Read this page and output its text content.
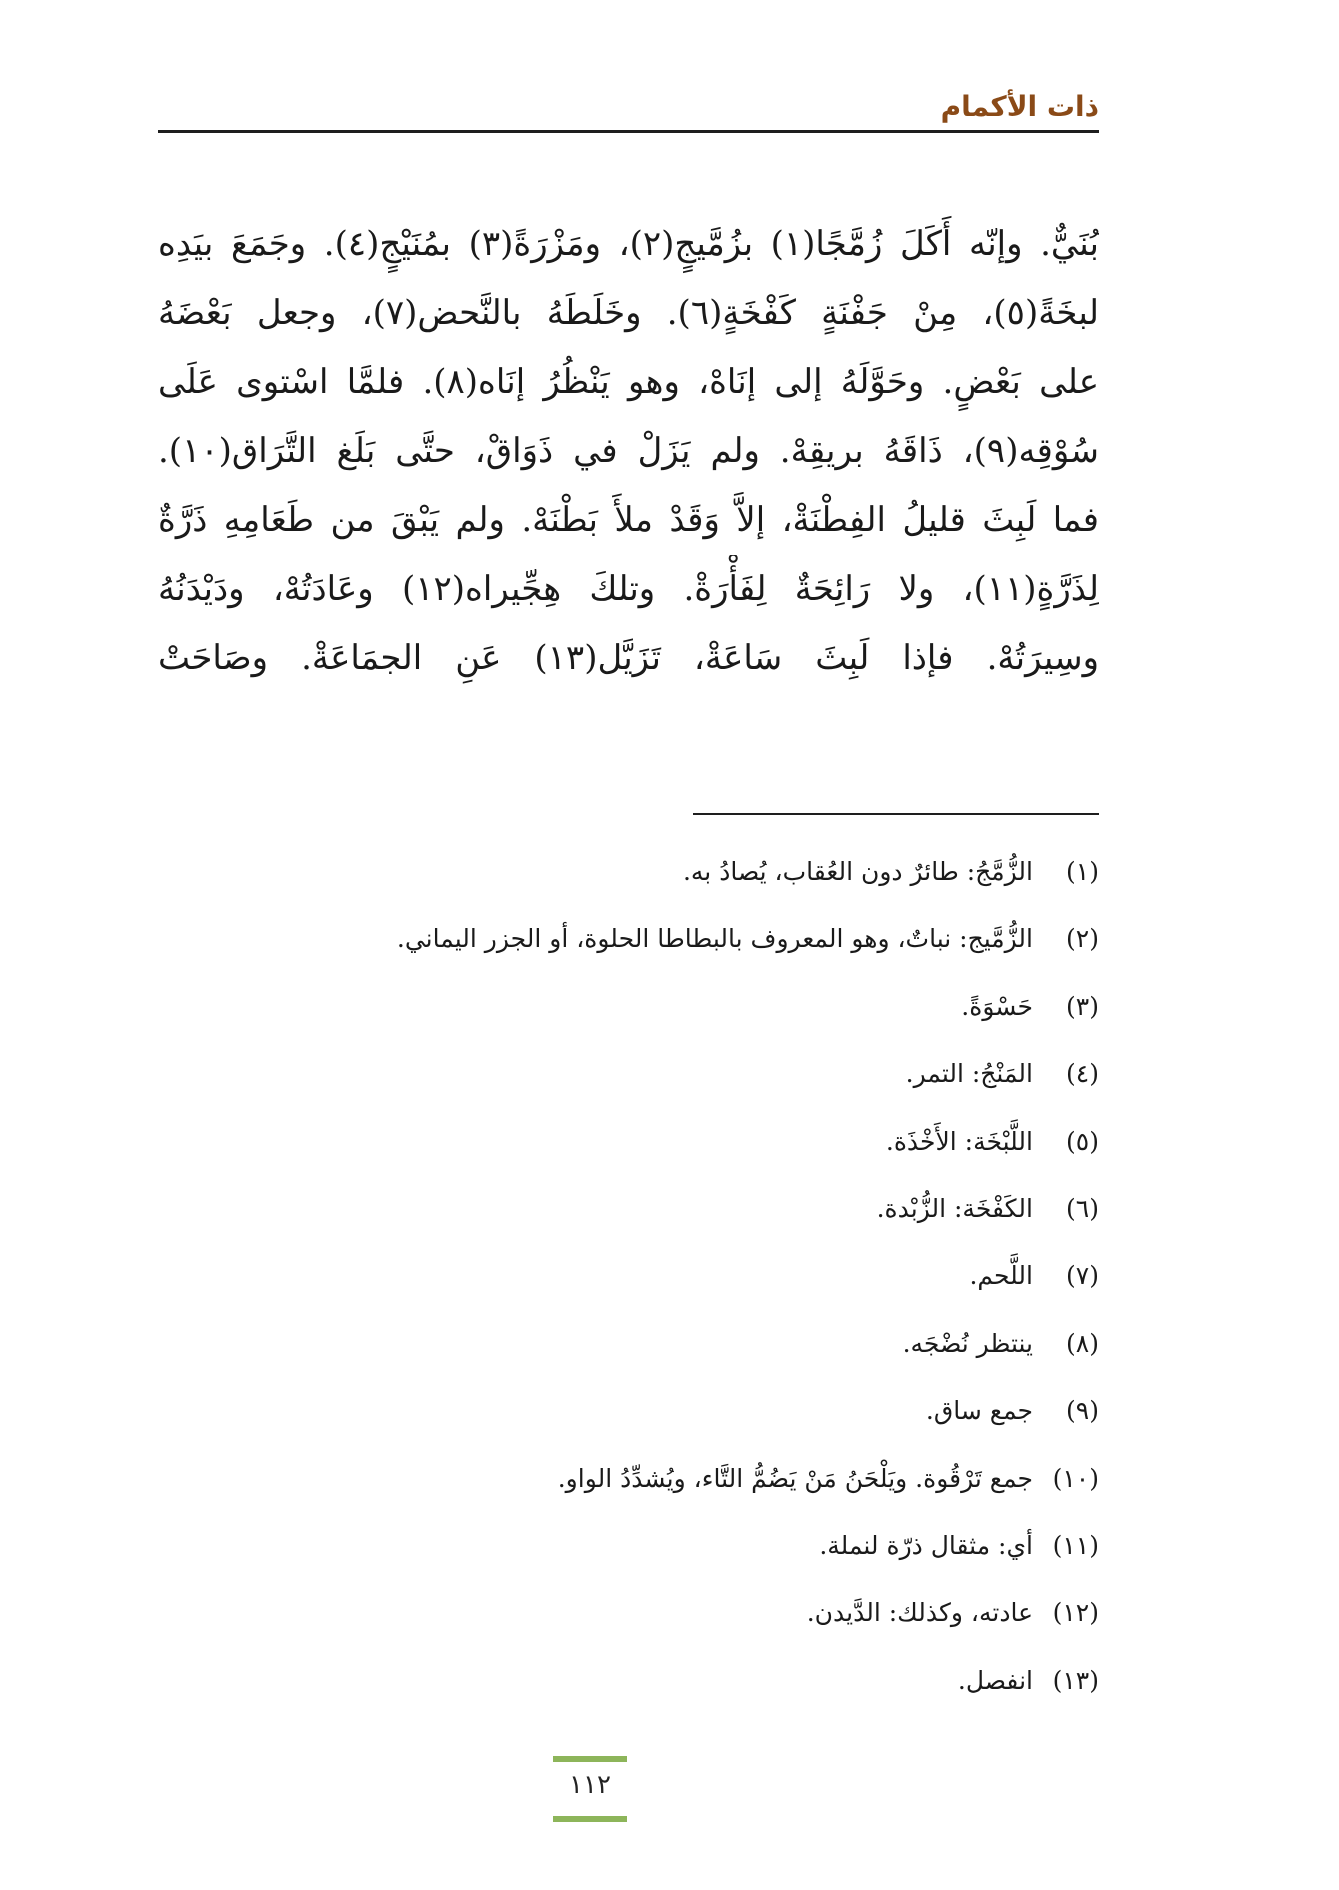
ذات الأكمام
بُنَيٌّ. وإنّه أَكَلَ زُمَّجًا(١) بزُمَّيجٍ(٢)، ومَزْرَةً(٣) بمُنَيْجٍ(٤). وجَمَعَ بيَدِه
لبخَةً(٥)، مِنْ جَفْنَةٍ كَفْخَةٍ(٦). وخَلَطَهُ بالنَّحض(٧)، وجعل بَعْضَهُ
على بَعْضٍ. وحَوَّلَهُ إلى إنَاهْ، وهو يَنْظُرُ إنَاه(٨). فلمَّا اسْتوى عَلَى
سُوْقِه(٩)، ذَاقَهُ بريقِهْ. ولم يَزَلْ في ذَوَاقْ، حتَّى بَلَغ التَّرَاق(١٠).
فما لَبِثَ قليلُ الفِطْنَةْ، إلاَّ وَقَدْ ملأَ بَطْنَهْ. ولم يَبْقَ من طَعَامِهِ ذَرَّةٌ
لِذَرَّةٍ(١١)، ولا رَائِحَةٌ لِفَأْرَةْ. وتلكَ هِجِّيراه(١٢) وعَادَتُهْ، ودَيْدَنُهُ
وسِيرَتُهْ. فإذا لَبِثَ سَاعَةْ، تَزَيَّل(١٣) عَنِ الجمَاعَةْ. وصَاحَتْ
(١)الزُّمَّجُ: طائرٌ دون العُقاب، يُصادُ به.
(٢)الزُّمَّيج: نباتٌ، وهو المعروف بالبطاطا الحلوة، أو الجزر اليماني.
(٣)حَسْوَةً.
(٤)المَنْجُ: التمر.
(٥)اللَّبْخَة: الأَخْذَة.
(٦)الكَفْخَة: الزُّبْدة.
(٧)اللَّحم.
(٨)ينتظر نُضْجَه.
(٩)جمع ساق.
(١٠)جمع تَرْقُوة. ويَلْحَنُ مَنْ يَضُمُّ التَّاء، ويُشدِّدُ الواو.
(١١)أي: مثقال ذرّة لنملة.
(١٢)عادته، وكذلك: الدَّيدن.
(١٣)انفصل.
١١٢
